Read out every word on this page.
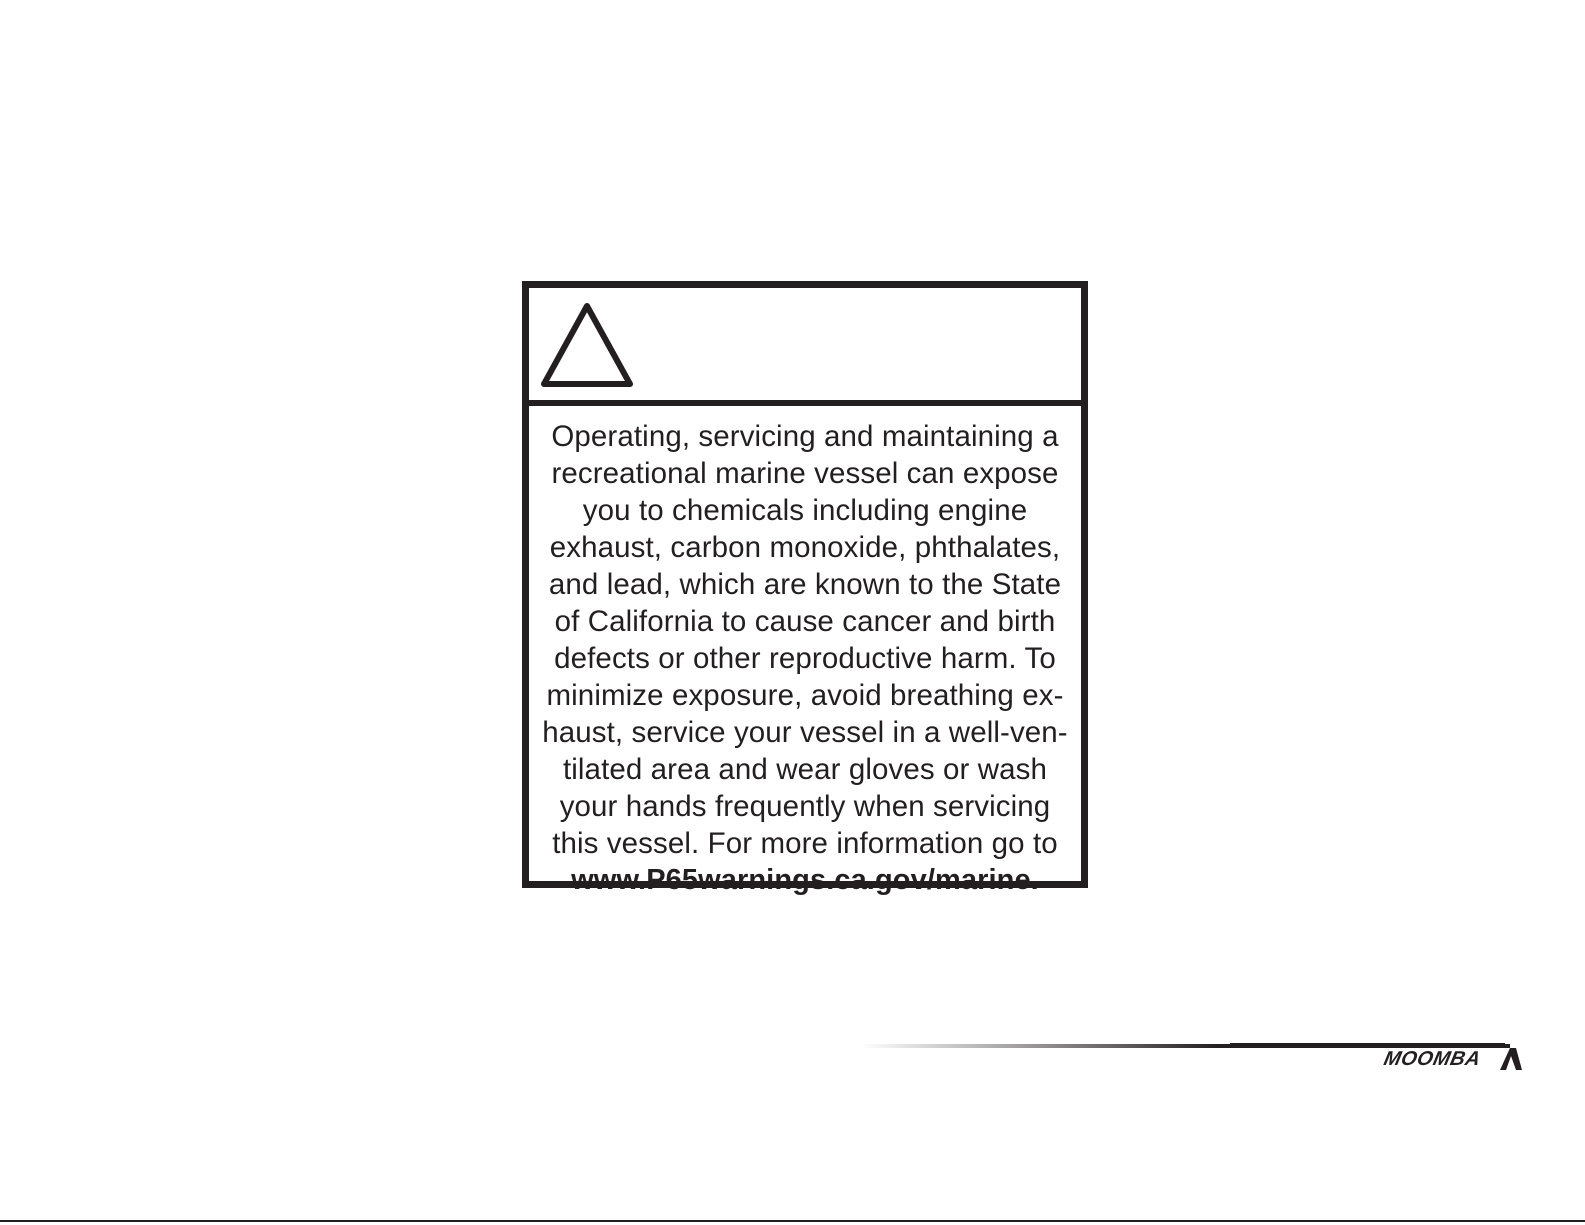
Operating, servicing and maintaining a
recreational marine vessel can expose
you to chemicals including engine
exhaust, carbon monoxide, phthalates,
and lead, which are known to the State
of California to cause cancer and birth
defects or other reproductive harm. To
minimize exposure, avoid breathing ex-
haust, service your vessel in a well-ven-
tilated area and wear gloves or wash
your hands frequently when servicing
this vessel. For more information go to
www.P65warnings.ca.gov/marine.
MOOMBA
